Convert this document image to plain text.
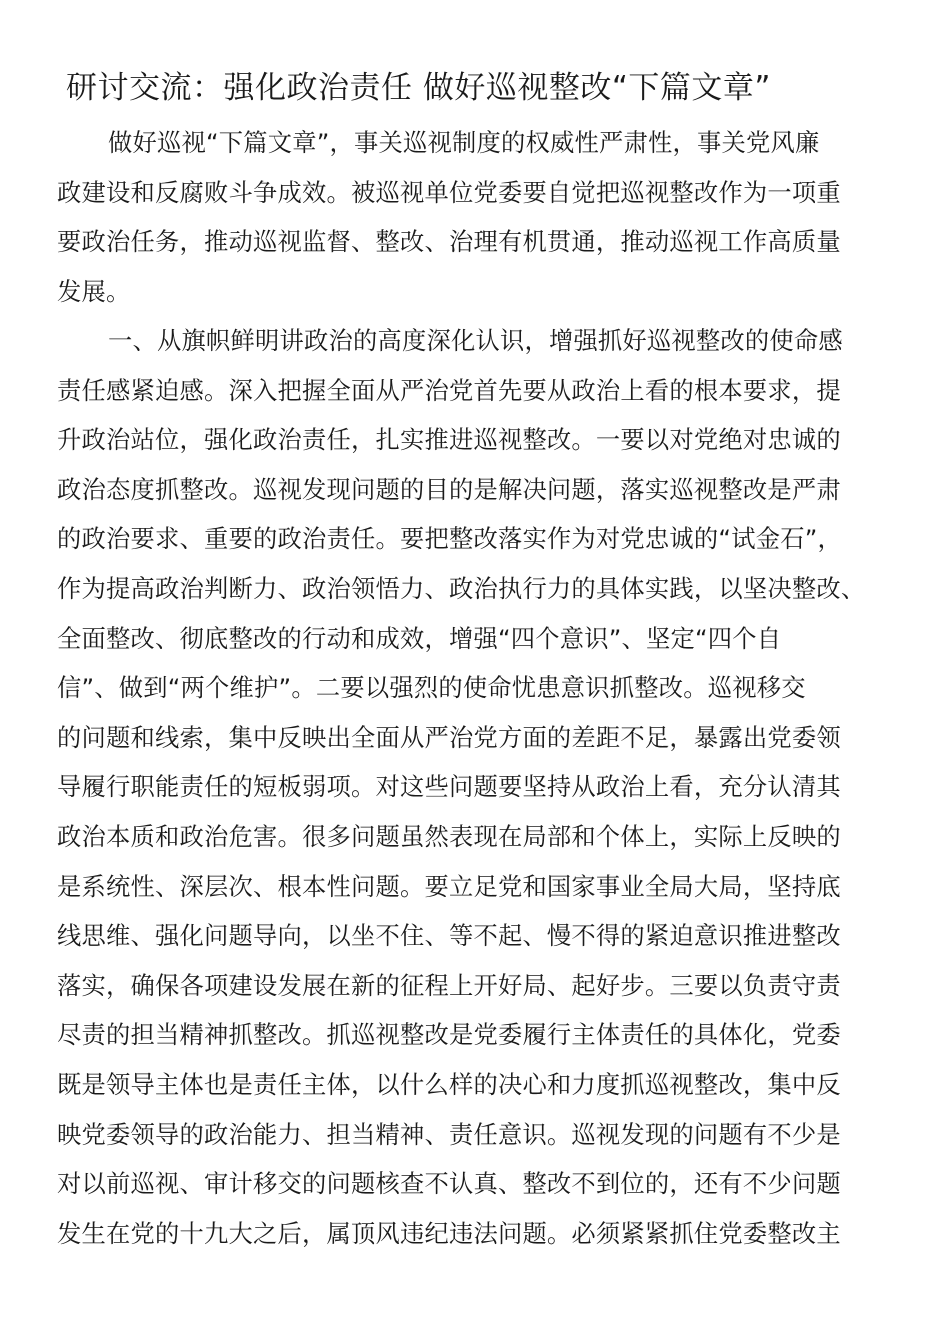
研讨交流：强化政治责任 做好巡视整改“下篇文章”
做好巡视“下篇文章”，事关巡视制度的权威性严肃性，事关党风廉
政建设和反腐败斗争成效。被巡视单位党委要自觉把巡视整改作为一项重
要政治任务，推动巡视监督、整改、治理有机贯通，推动巡视工作高质量
发展。
一、从旗帜鲜明讲政治的高度深化认识，增强抓好巡视整改的使命感
责任感紧迫感。深入把握全面从严治党首先要从政治上看的根本要求，提
升政治站位，强化政治责任，扎实推进巡视整改。一要以对党绝对忠诚的
政治态度抓整改。巡视发现问题的目的是解决问题，落实巡视整改是严肃
的政治要求、重要的政治责任。要把整改落实作为对党忠诚的“试金石”，
作为提高政治判断力、政治领悟力、政治执行力的具体实践，以坚决整改、
全面整改、彻底整改的行动和成效，增强“四个意识”、坚定“四个自
信”、做到“两个维护”。二要以强烈的使命忧患意识抓整改。巡视移交
的问题和线索，集中反映出全面从严治党方面的差距不足，暴露出党委领
导履行职能责任的短板弱项。对这些问题要坚持从政治上看，充分认清其
政治本质和政治危害。很多问题虽然表现在局部和个体上，实际上反映的
是系统性、深层次、根本性问题。要立足党和国家事业全局大局，坚持底
线思维、强化问题导向，以坐不住、等不起、慢不得的紧迫意识推进整改
落实，确保各项建设发展在新的征程上开好局、起好步。三要以负责守责
尽责的担当精神抓整改。抓巡视整改是党委履行主体责任的具体化，党委
既是领导主体也是责任主体，以什么样的决心和力度抓巡视整改，集中反
映党委领导的政治能力、担当精神、责任意识。巡视发现的问题有不少是
对以前巡视、审计移交的问题核查不认真、整改不到位的，还有不少问题
发生在党的十九大之后，属顶风违纪违法问题。必须紧紧抓住党委整改主
